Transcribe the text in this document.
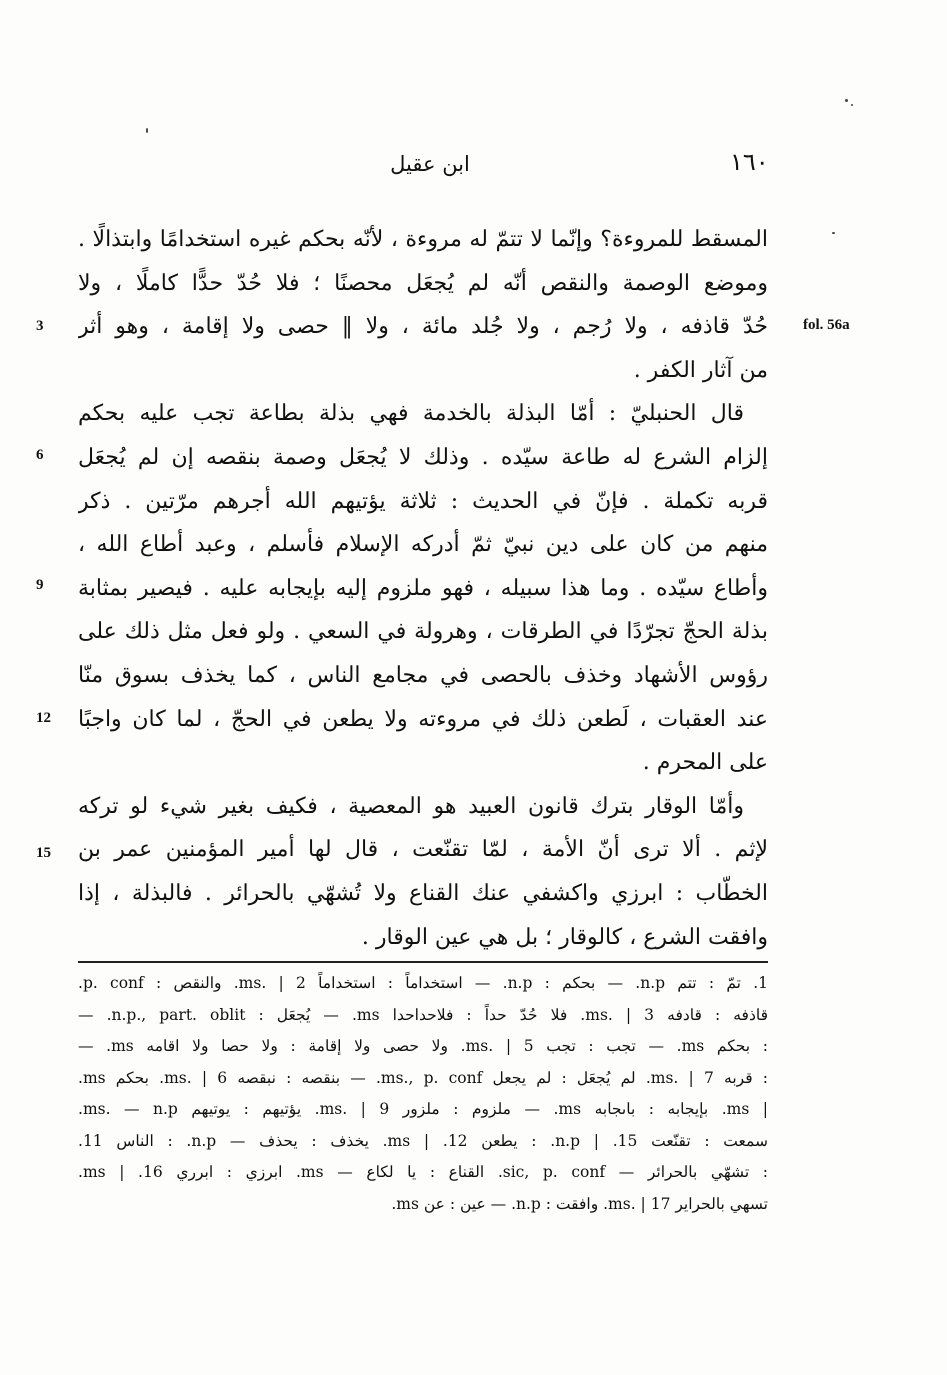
١٦٠
ابن عقيل
fol. 56a
3
6
9
12
15
المسقط للمروءة؟ وإنّما لا تتمّ له مروءة ، لأنّه بحكم غيره استخدامًا وابتذالًا .
وموضع الوصمة والنقص أنّه لم يُجعَل محصنًا ؛ فلا حُدّ حدًّا كاملًا ، ولا
حُدّ قاذفه ، ولا رُجم ، ولا جُلد مائة ، ولا ‖ حصى ولا إقامة ، وهو أثر
من آثار الكفر .
قال الحنبليّ : أمّا البذلة بالخدمة فهي بذلة بطاعة تجب عليه بحكم
إلزام الشرع له طاعة سيّده . وذلك لا يُجعَل وصمة بنقصه إن لم يُجعَل
قربه تكملة . فإنّ في الحديث : ثلاثة يؤتيهم الله أجرهم مرّتين . ذكر
منهم من كان على دين نبيّ ثمّ أدركه الإسلام فأسلم ، وعبد أطاع الله ،
وأطاع سيّده . وما هذا سبيله ، فهو ملزوم إليه بإيجابه عليه . فيصير بمثابة
بذلة الحجّ تجرّدًا في الطرقات ، وهرولة في السعي . ولو فعل مثل ذلك على
رؤوس الأشهاد وخذف بالحصى في مجامع الناس ، كما يخذف بسوق منّا
عند العقبات ، لَطعن ذلك في مروءته ولا يطعن في الحجّ ، لما كان واجبًا
على المحرم .
وأمّا الوقار بترك قانون العبيد هو المعصية ، فكيف بغير شيء لو تركه
لإثم . ألا ترى أنّ الأمة ، لمّا تقنّعت ، قال لها أمير المؤمنين عمر بن
الخطّاب : ابرزي واكشفي عنك القناع ولا تُشهّي بالحرائر . فالبذلة ، إذا
وافقت الشرع ، كالوقار ؛ بل هي عين الوقار .
1. تمّ : تتم n.p. — بحكم : n.p. — استخداماً : استخداماً ms. | 2. والنقص : p. conf.
قاذفه : قادفه ms. | 3. فلا حُدّ حداً : فلاحداحدا ms. — يُجعَل : n.p., part. oblit. —
: بحكم ms. — تجب : تجب ms. | 5. ولا حصى ولا إقامة : ولا حصا ولا اقامه ms. —
: قربه ms. | 7. لم يُجعَل : لم يجعل ms., p. conf. — بنقصه : نبقصه ms. | 6. بحكم ms.
| ms. بإيجابه : باىجابه ms. — ملزوم : ملزور ms. | 9. يؤتيهم : يوتيهم ms. — n.p.
سمعت : تقنّعت 15. | n.p. : يطعن 12. | ms. يخذف : يحذف — n.p. : الناس 11.
: تشهّي بالحرائر — sic, p. conf. القناع : يا لكاع — ms. ابرزي : ابرري 16. | ms.
تسهي بالحراير ms. | 17. وافقت : n.p. — عين : عن ms.
